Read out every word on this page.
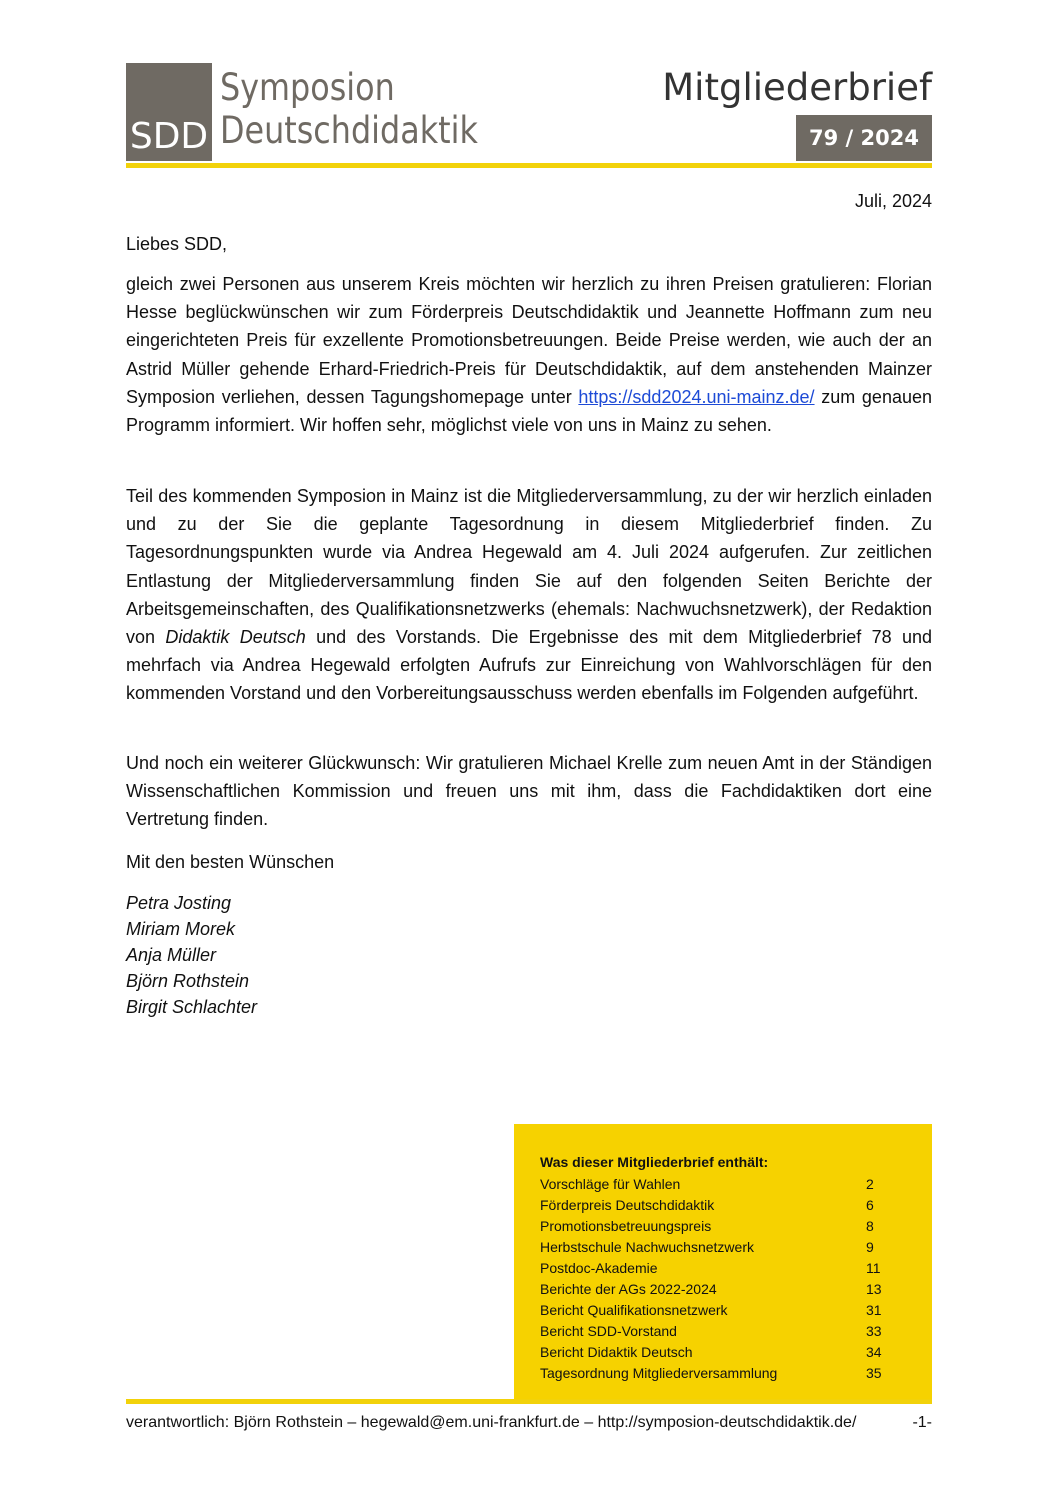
SDD
Symposion
Deutschdidaktik
Mitgliederbrief
79 / 2024
Juli, 2024
Liebes SDD,
gleich zwei Personen aus unserem Kreis möchten wir herzlich zu ihren Preisen gratulieren: Florian Hesse beglückwünschen wir zum Förderpreis Deutschdidaktik und Jeannette Hoffmann zum neu eingerichteten Preis für exzellente Promotionsbetreuungen. Beide Preise werden, wie auch der an Astrid Müller gehende Erhard-Friedrich-Preis für Deutschdidaktik, auf dem anstehenden Mainzer Symposion verliehen, dessen Tagungshomepage unter https://sdd2024.uni-mainz.de/ zum genauen Programm informiert. Wir hoffen sehr, möglichst viele von uns in Mainz zu sehen.
Teil des kommenden Symposion in Mainz ist die Mitgliederversammlung, zu der wir herzlich einladen und zu der Sie die geplante Tagesordnung in diesem Mitgliederbrief finden. Zu Tagesordnungspunkten wurde via Andrea Hegewald am 4. Juli 2024 aufgerufen. Zur zeitlichen Entlastung der Mitgliederversammlung finden Sie auf den folgenden Seiten Berichte der Arbeitsgemeinschaften, des Qualifikationsnetzwerks (ehemals: Nachwuchsnetzwerk), der Redaktion von Didaktik Deutsch und des Vorstands. Die Ergebnisse des mit dem Mitgliederbrief 78 und mehrfach via Andrea Hegewald erfolgten Aufrufs zur Einreichung von Wahlvorschlägen für den kommenden Vorstand und den Vorbereitungsausschuss werden ebenfalls im Folgenden aufgeführt.
Und noch ein weiterer Glückwunsch: Wir gratulieren Michael Krelle zum neuen Amt in der Ständigen Wissenschaftlichen Kommission und freuen uns mit ihm, dass die Fachdidaktiken dort eine Vertretung finden.
Mit den besten Wünschen
Petra Josting
Miriam Morek
Anja Müller
Björn Rothstein
Birgit Schlachter
Was dieser Mitgliederbrief enthält:
Vorschläge für Wahlen	2
Förderpreis Deutschdidaktik	6
Promotionsbetreuungspreis	8
Herbstschule Nachwuchsnetzwerk	9
Postdoc-Akademie	11
Berichte der AGs 2022-2024	13
Bericht Qualifikationsnetzwerk	31
Bericht SDD-Vorstand	33
Bericht Didaktik Deutsch	34
Tagesordnung Mitgliederversammlung	35
verantwortlich: Björn Rothstein – hegewald@em.uni-frankfurt.de – http://symposion-deutschdidaktik.de/	-1-
